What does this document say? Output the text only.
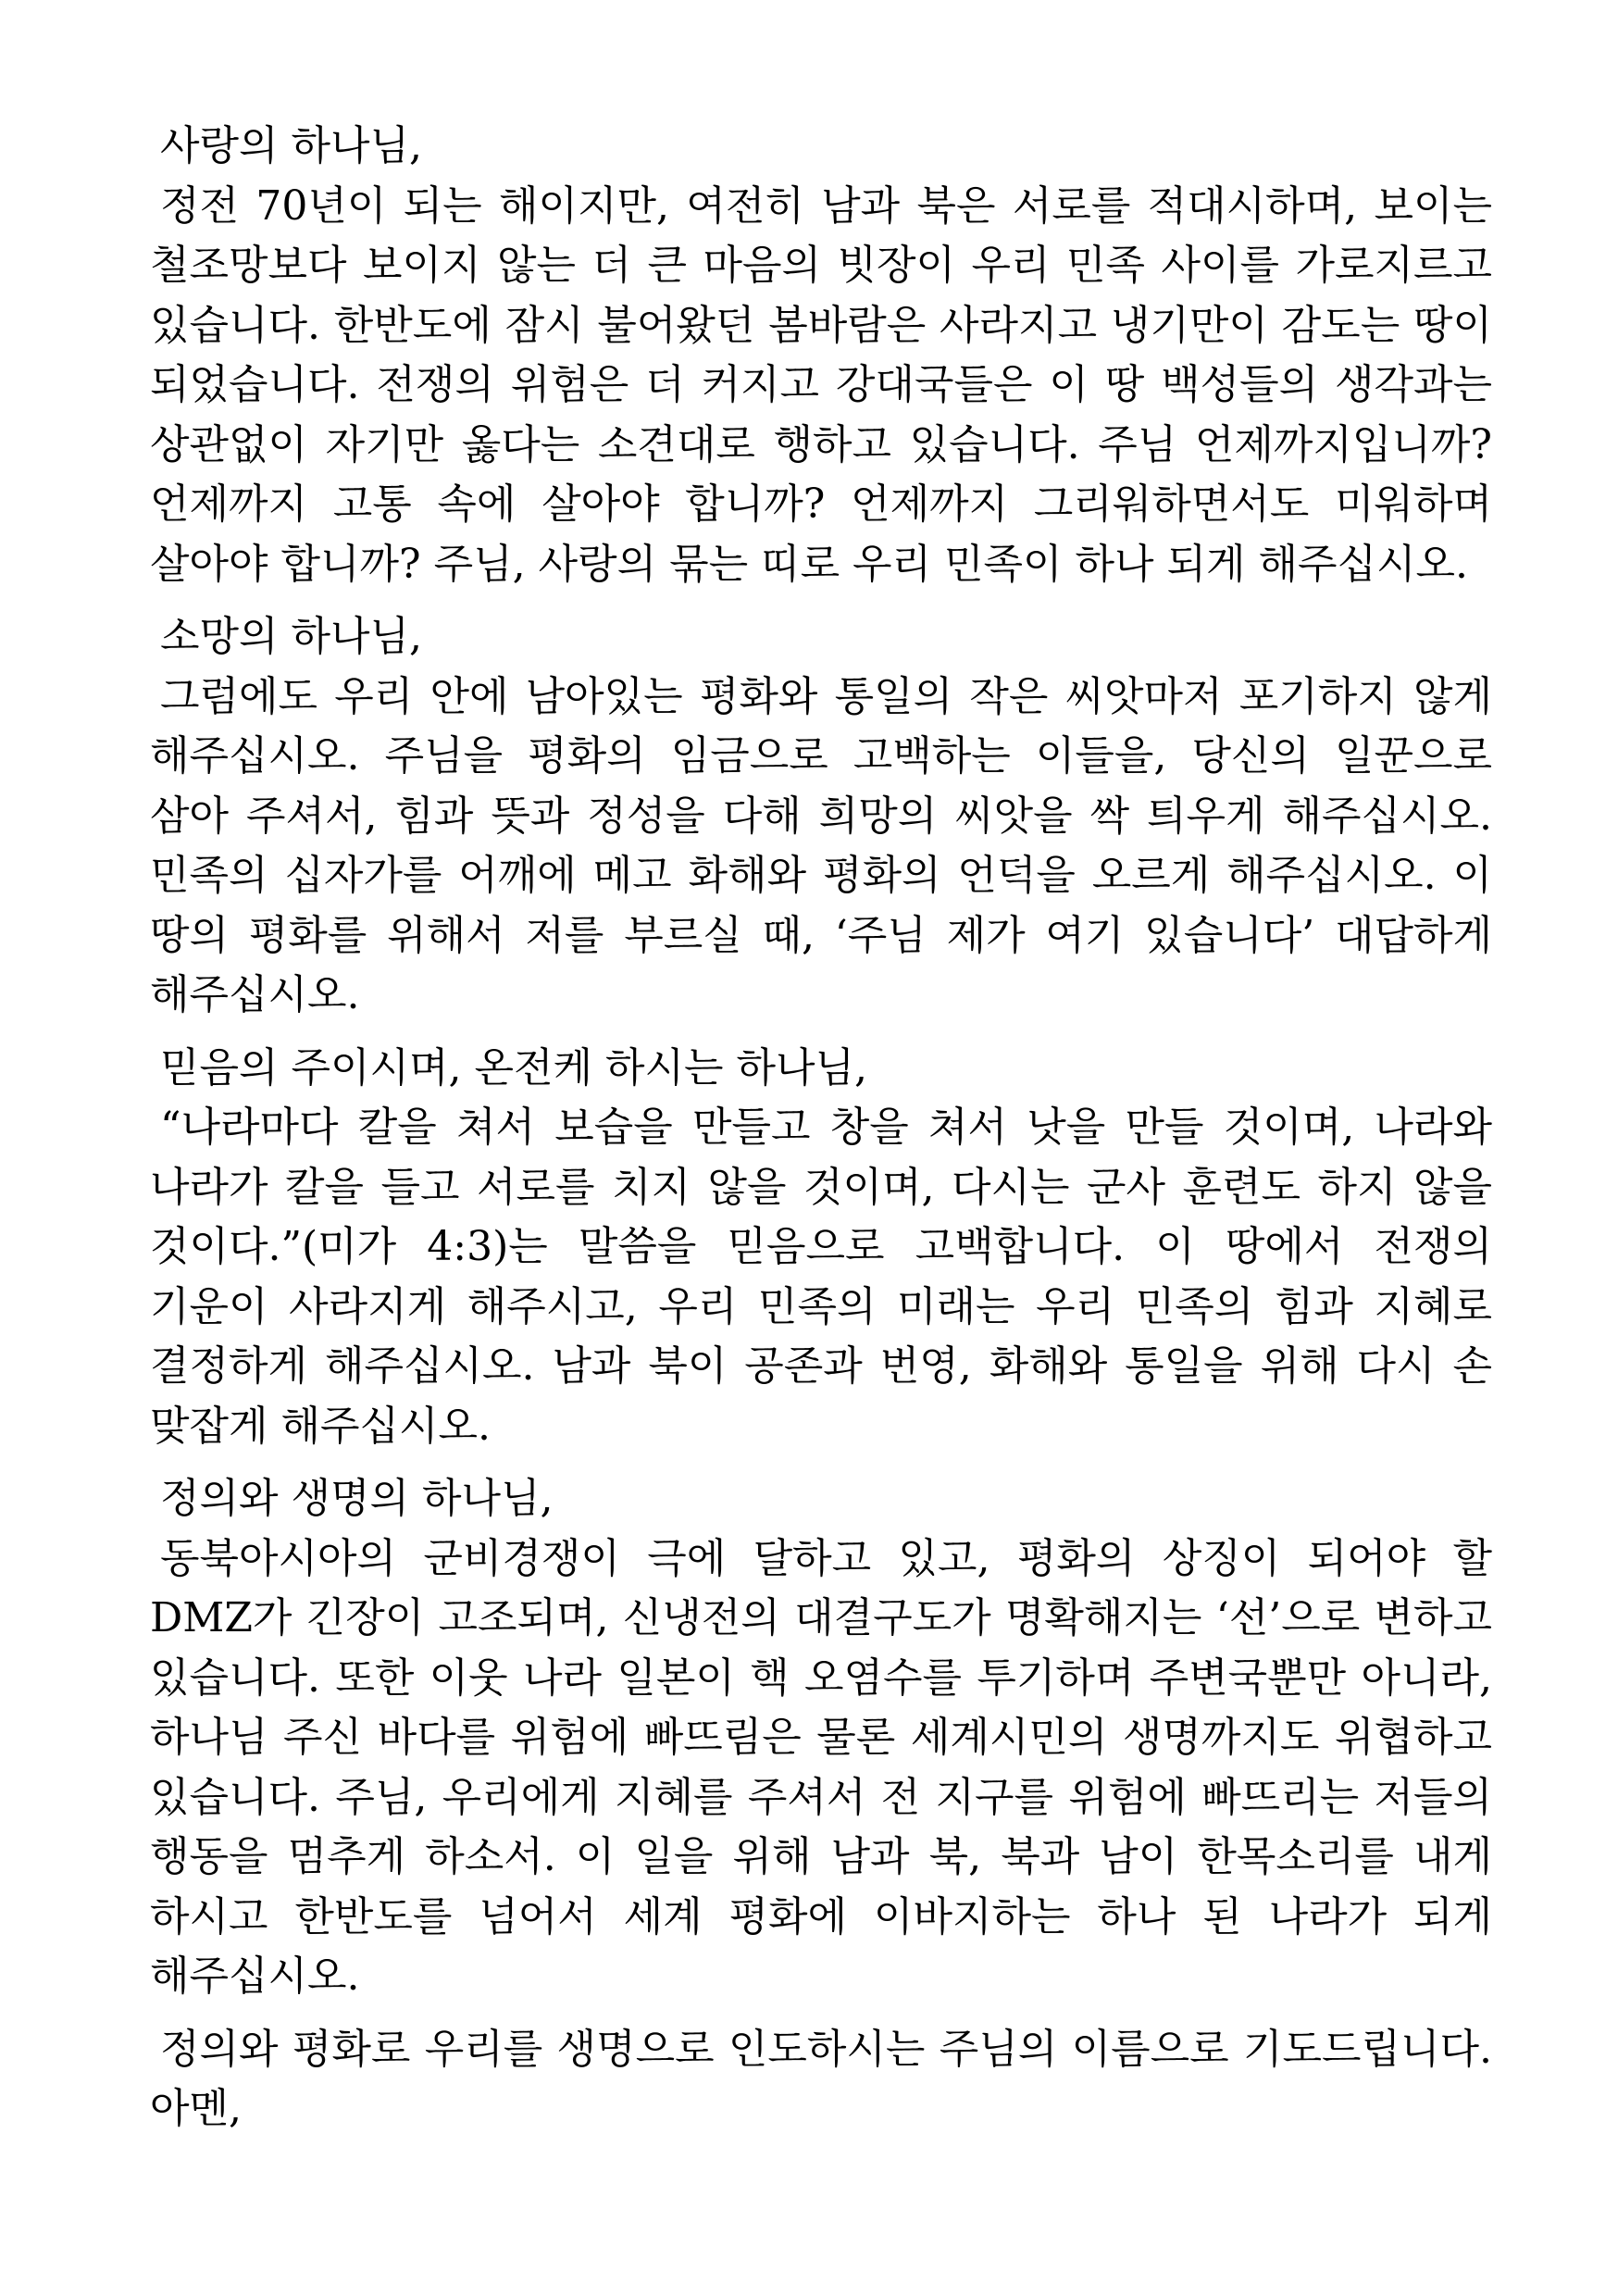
사랑의 하나님,
정전 70년이 되는 해이지만, 여전히 남과 북은 서로를 적대시하며, 보이는 철조망보다 보이지 않는 더 큰 마음의 빗장이 우리 민족 사이를 가로지르고 있습니다. 한반도에 잠시 불어왔던 봄바람은 사라지고 냉기만이 감도는 땅이 되었습니다. 전쟁의 위험은 더 커지고 강대국들은 이 땅 백성들의 생각과는 상관없이 자기만 옳다는 소견대로 행하고 있습니다. 주님 언제까지입니까? 언제까지 고통 속에 살아야 합니까? 언제까지 그리워하면서도 미워하며 살아야 합니까? 주님, 사랑의 묶는 띠로 우리 민족이 하나 되게 해주십시오.
소망의 하나님,
그럼에도 우리 안에 남아있는 평화와 통일의 작은 씨앗마저 포기하지 않게 해주십시오. 주님을 평화의 임금으로 고백하는 이들을, 당신의 일꾼으로 삼아 주셔서, 힘과 뜻과 정성을 다해 희망의 씨앗을 싹 틔우게 해주십시오. 민족의 십자가를 어깨에 메고 화해와 평화의 언덕을 오르게 해주십시오. 이 땅의 평화를 위해서 저를 부르실 때, ‘주님 제가 여기 있습니다’ 대답하게 해주십시오.
믿음의 주이시며, 온전케 하시는 하나님,
“나라마다 칼을 쳐서 보습을 만들고 창을 쳐서 낫을 만들 것이며, 나라와 나라가 칼을 들고 서로를 치지 않을 것이며, 다시는 군사 훈련도 하지 않을 것이다.”(미가 4:3)는 말씀을 믿음으로 고백합니다. 이 땅에서 전쟁의 기운이 사라지게 해주시고, 우리 민족의 미래는 우리 민족의 힘과 지혜로 결정하게 해주십시오. 남과 북이 공존과 번영, 화해와 통일을 위해 다시 손 맞잡게 해주십시오.
정의와 생명의 하나님,
동북아시아의 군비경쟁이 극에 달하고 있고, 평화의 상징이 되어야 할 DMZ가 긴장이 고조되며, 신냉전의 대결구도가 명확해지는 ‘선’으로 변하고 있습니다. 또한 이웃 나라 일본이 핵 오염수를 투기하며 주변국뿐만 아니라, 하나님 주신 바다를 위험에 빠뜨림은 물론 세계시민의 생명까지도 위협하고 있습니다. 주님, 우리에게 지혜를 주셔서 전 지구를 위험에 빠뜨리는 저들의 행동을 멈추게 하소서. 이 일을 위해 남과 북, 북과 남이 한목소리를 내게 하시고 한반도를 넘어서 세계 평화에 이바지하는 하나 된 나라가 되게 해주십시오.
정의와 평화로 우리를 생명으로 인도하시는 주님의 이름으로 기도드립니다. 아멘,
